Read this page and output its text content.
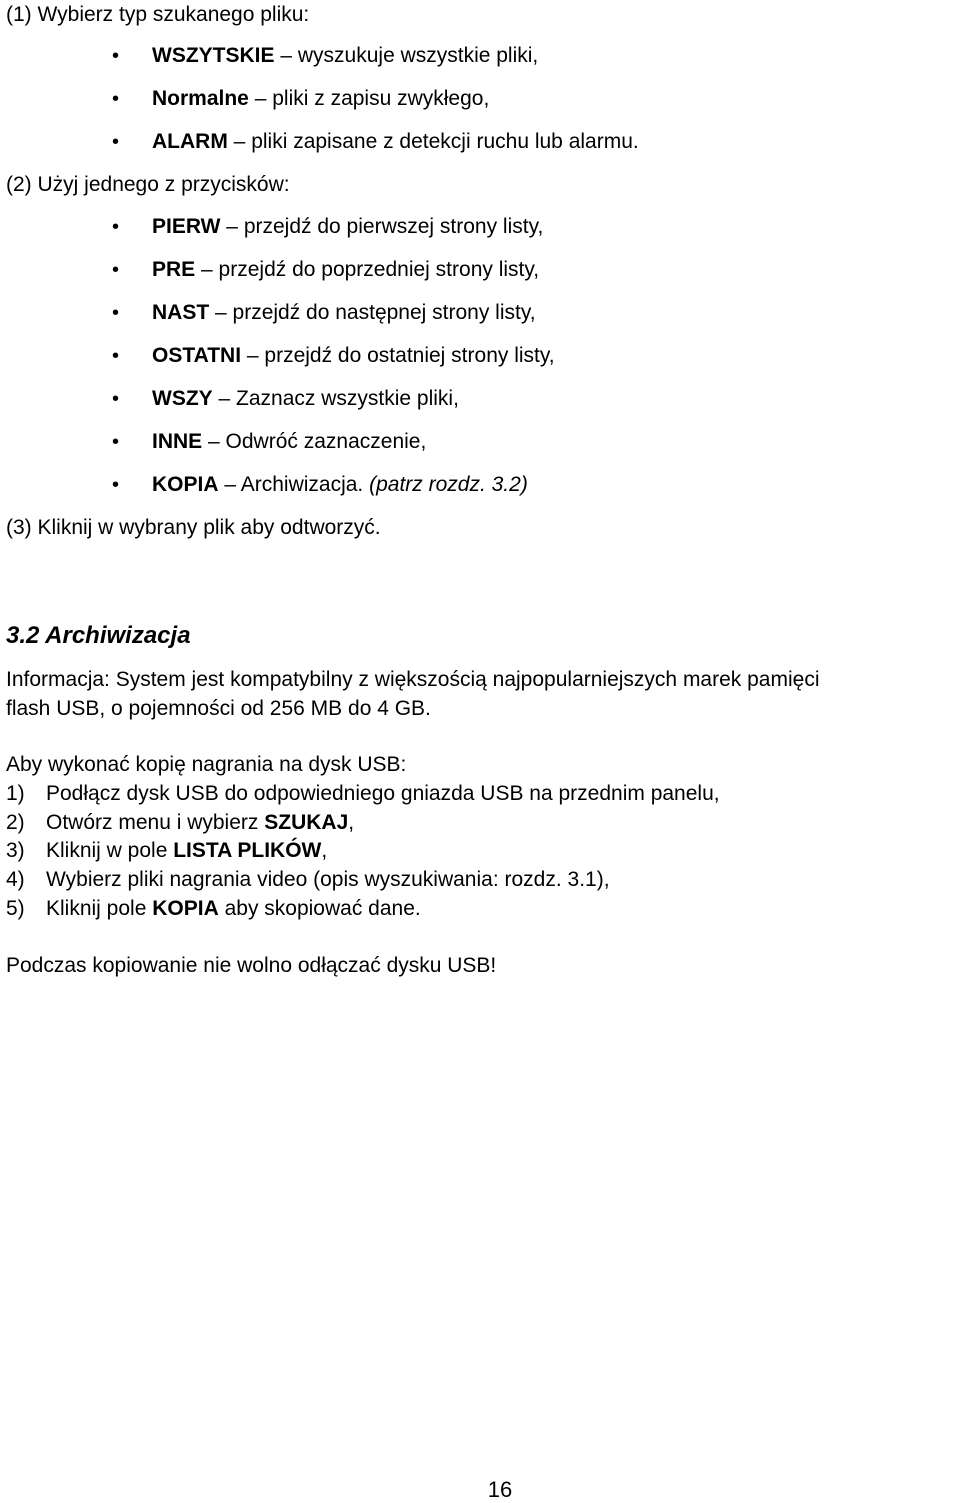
(1) Wybierz typ szukanego pliku:
• WSZYTSKIE – wyszukuje wszystkie pliki,
• Normalne – pliki z zapisu zwykłego,
• ALARM – pliki zapisane z detekcji ruchu lub alarmu.
(2) Użyj jednego z przycisków:
• PIERW – przejdź do pierwszej strony listy,
• PRE – przejdź do poprzedniej strony listy,
• NAST – przejdź do następnej strony listy,
• OSTATNI – przejdź do ostatniej strony listy,
• WSZY – Zaznacz wszystkie pliki,
• INNE – Odwróć zaznaczenie,
• KOPIA – Archiwizacja. (patrz rozdz. 3.2)
(3) Kliknij w wybrany plik aby odtworzyć.
3.2 Archiwizacja
Informacja: System jest kompatybilny z większością najpopularniejszych marek pamięci
flash USB, o pojemności od 256 MB do 4 GB.
Aby wykonać kopię nagrania na dysk USB:
1) Podłącz dysk USB do odpowiedniego gniazda USB na przednim panelu,
2) Otwórz menu i wybierz SZUKAJ,
3) Kliknij w pole LISTA PLIKÓW,
4) Wybierz pliki nagrania video (opis wyszukiwania: rozdz. 3.1),
5) Kliknij pole KOPIA aby skopiować dane.
Podczas kopiowanie nie wolno odłączać dysku USB!
16
